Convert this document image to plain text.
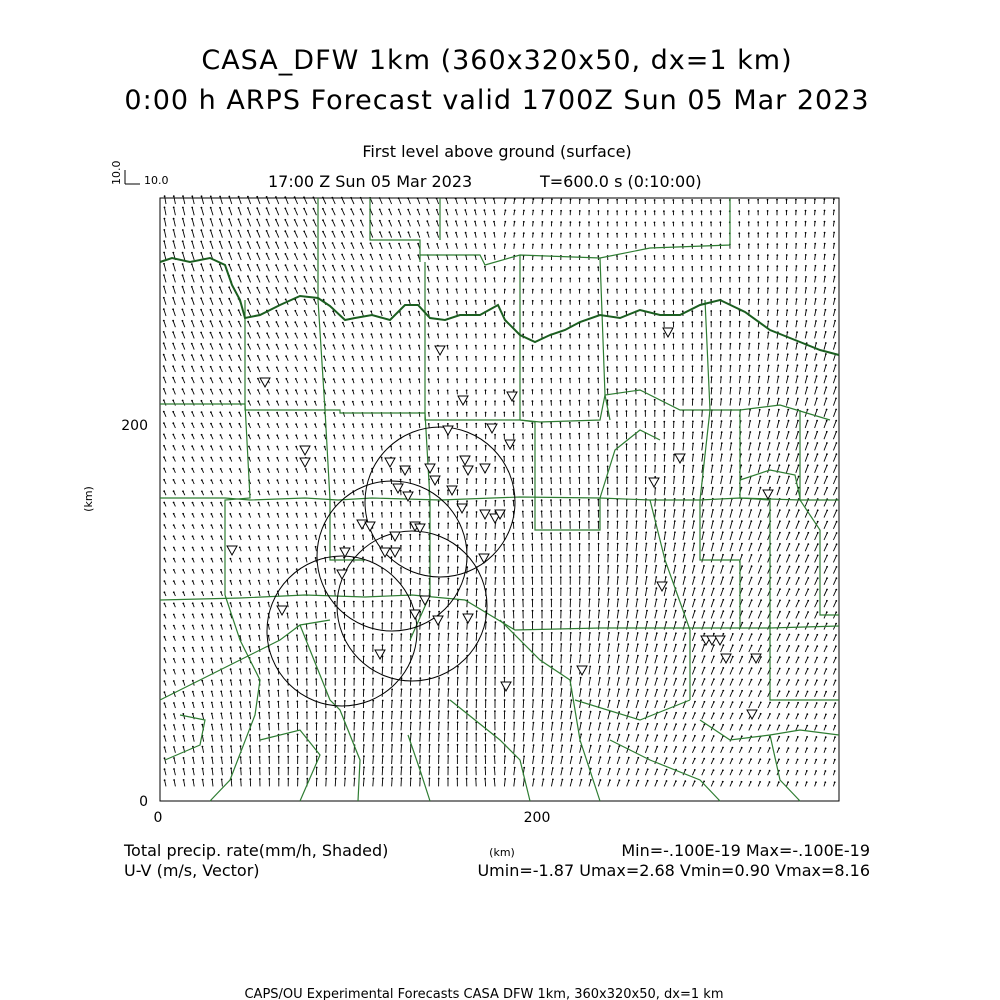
CASA_DFW 1km (360x320x50, dx=1 km)
0:00 h ARPS Forecast valid 1700Z Sun 05 Mar 2023
First level above ground (surface)
17:00 Z Sun 05 Mar 2023	T=600.0 s (0:10:00)
10.0 10.0
(km)
200
0
0	200
(km)
Total precip. rate(mm/h, Shaded)
U-V (m/s, Vector)
Min=-.100E-19 Max=-.100E-19
Umin=-1.87 Umax=2.68 Vmin=0.90 Vmax=8.16
CAPS/OU Experimental Forecasts CASA DFW 1km, 360x320x50, dx=1 km
